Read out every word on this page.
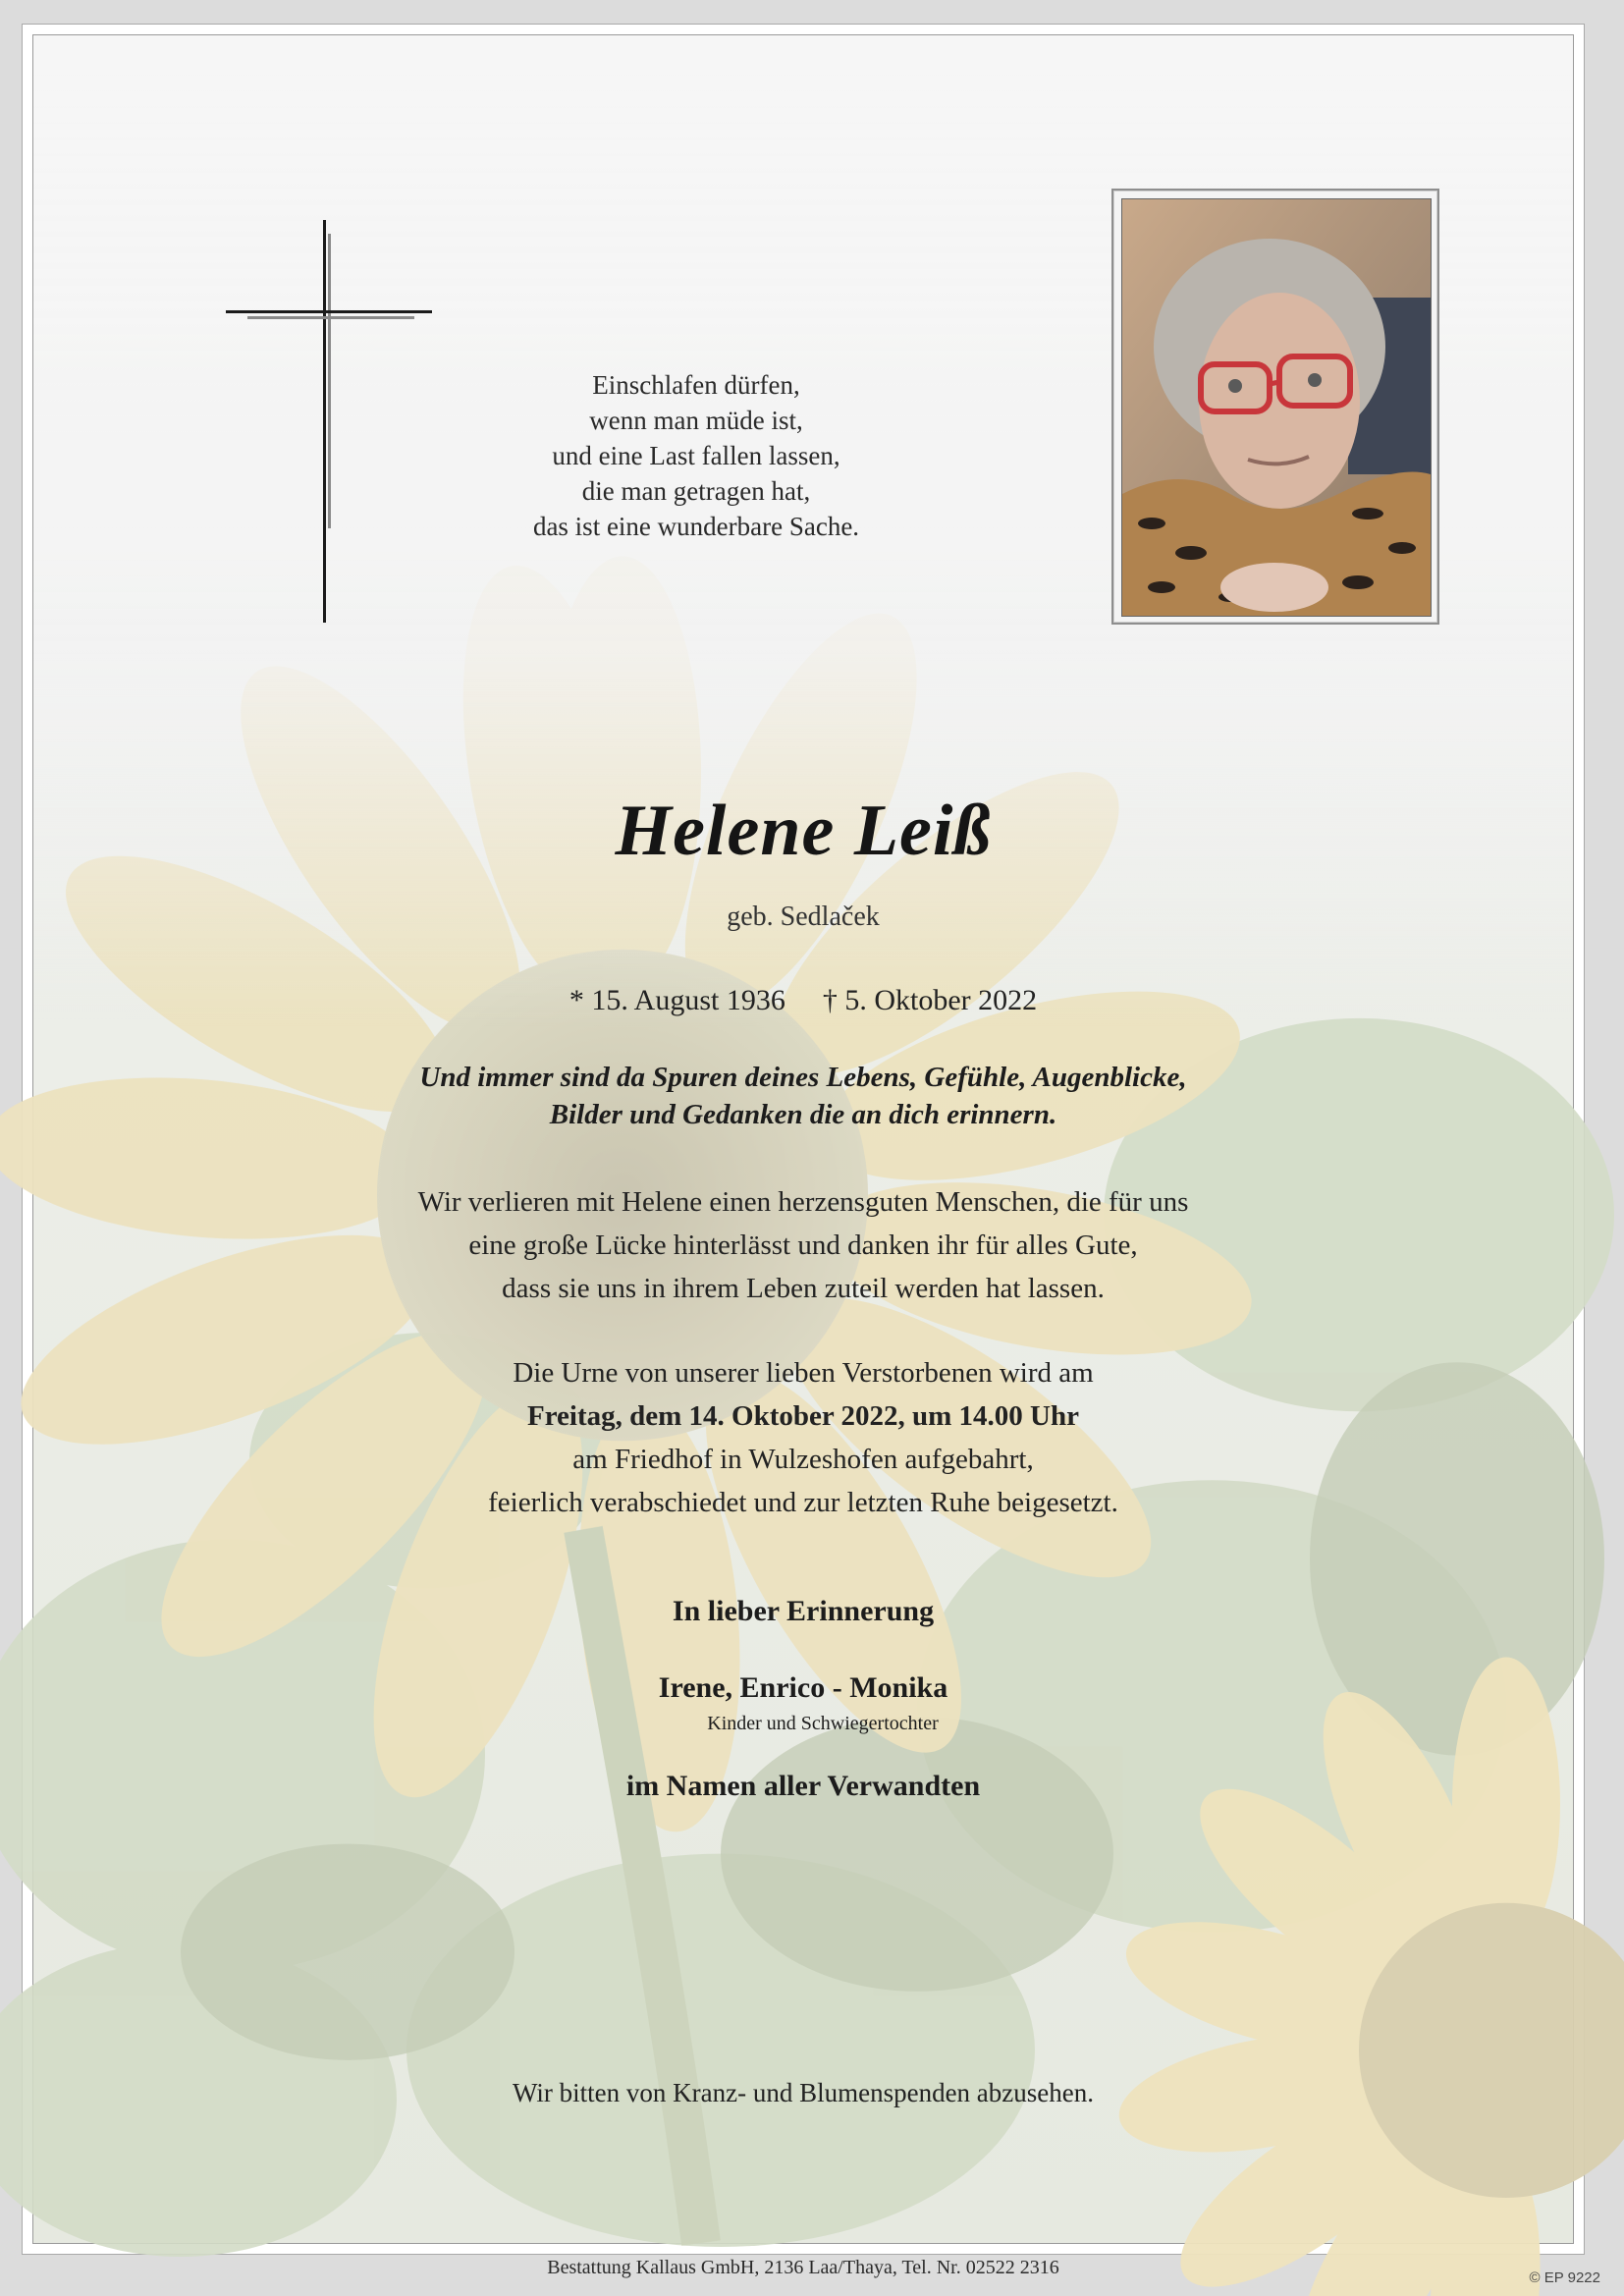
Einschlafen dürfen,
wenn man müde ist,
und eine Last fallen lassen,
die man getragen hat,
das ist eine wunderbare Sache.
Helene Leiß
geb. Sedlaček
* 15. August 1936 † 5. Oktober 2022
Und immer sind da Spuren deines Lebens, Gefühle, Augenblicke,
Bilder und Gedanken die an dich erinnern.
Wir verlieren mit Helene einen herzensguten Menschen, die für uns
eine große Lücke hinterlässt und danken ihr für alles Gute,
dass sie uns in ihrem Leben zuteil werden hat lassen.
Die Urne von unserer lieben Verstorbenen wird am
Freitag, dem 14. Oktober 2022, um 14.00 Uhr
am Friedhof in Wulzeshofen aufgebahrt,
feierlich verabschiedet und zur letzten Ruhe beigesetzt.
In lieber Erinnerung
Irene, Enrico - Monika
Kinder und Schwiegertochter
im Namen aller Verwandten
Wir bitten von Kranz- und Blumenspenden abzusehen.
Bestattung Kallaus GmbH, 2136 Laa/Thaya, Tel. Nr. 02522 2316	© EP 9222
